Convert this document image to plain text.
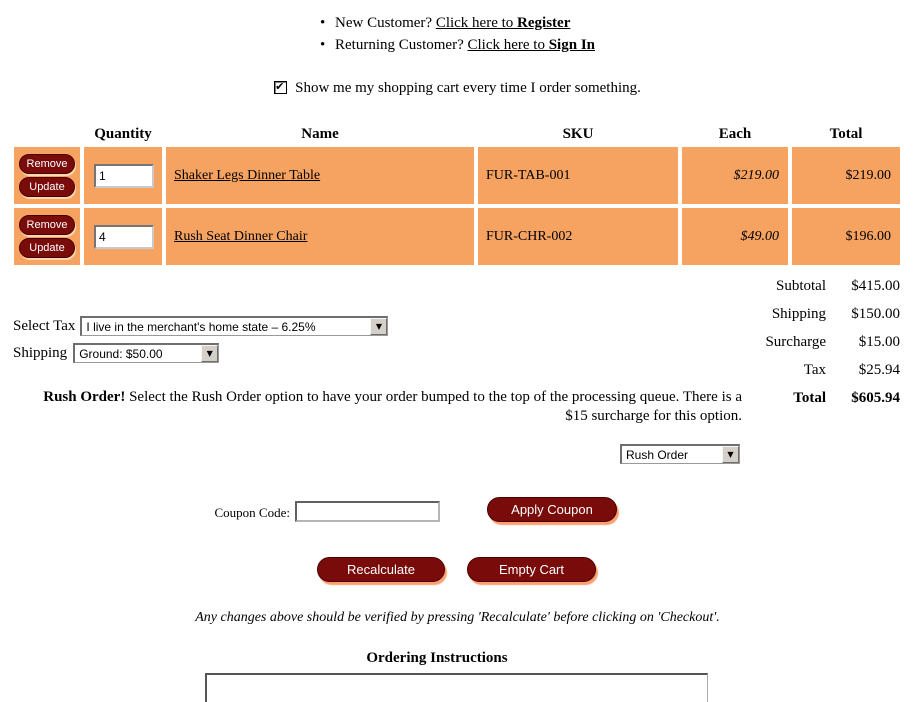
• New Customer? Click here to Register
• Returning Customer? Click here to Sign In
✔Show me my shopping cart every time I order something.
	Quantity	Name	SKU	Each	Total

Remove
Update
	1	Shaker Legs Dinner Table	FUR-TAB-001	$219.00	$219.00

Remove
Update
	4	Rush Seat Dinner Chair	FUR-CHR-002	$49.00	$196.00
Subtotal	$415.00
Shipping	$150.00
Surcharge	$15.00
Tax	$25.94
Total	$605.94
Select Tax I live in the merchant's home state – 6.25%	▼
Shipping	Ground: $50.00	▼
Rush Order! Select the Rush Order option to have your order bumped to the top of the processing queue. There is a $15 surcharge for this option.
Rush Order	▼
Coupon Code:	Apply Coupon
Recalculate	Empty Cart
Any changes above should be verified by pressing 'Recalculate' before clicking on 'Checkout'.
Ordering Instructions
